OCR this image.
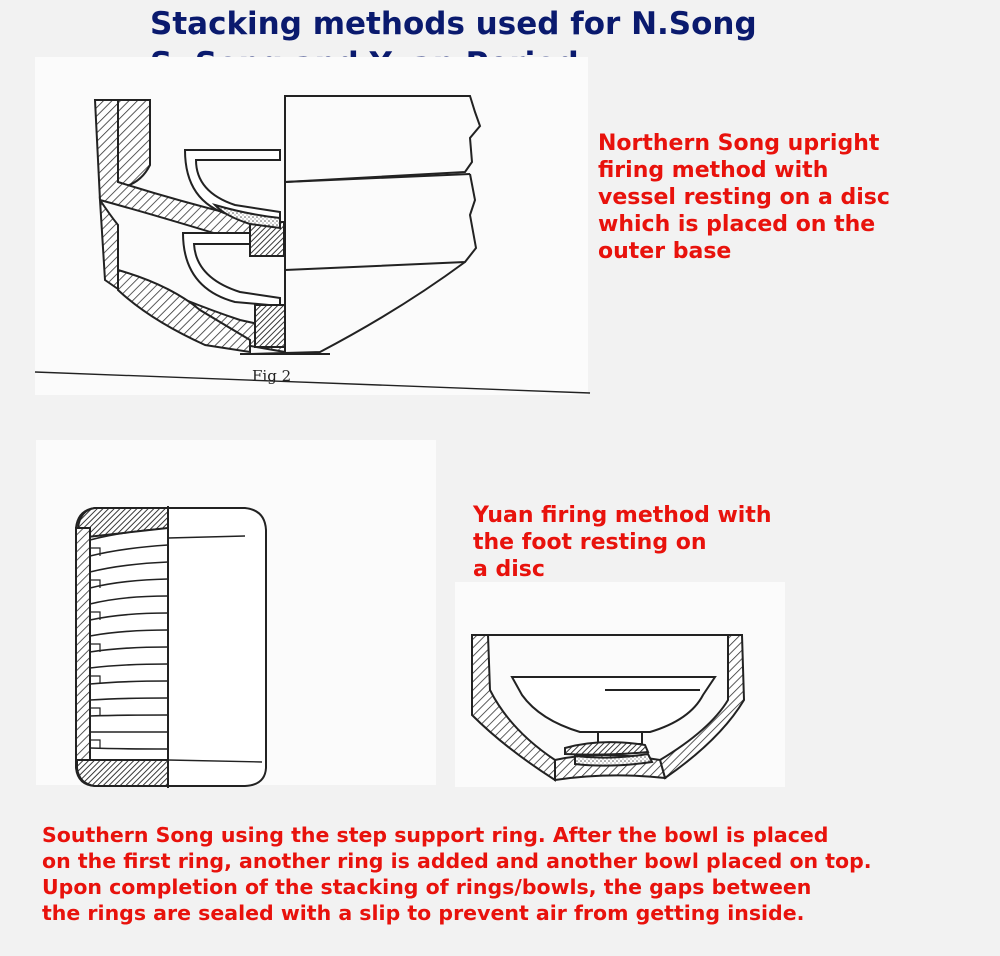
Stacking methods used for N.Song

Fig 2
Northern Song upright
firing method with
vessel resting on a disc
which is placed on the
outer base
Yuan firing method with
the foot resting on
a disc
Southern Song using the step support ring. After the bowl is placed
on the first ring, another ring is added and another bowl placed on top.
Upon completion of the stacking of rings/bowls, the gaps between
the rings are sealed with a slip to prevent air from getting inside.
